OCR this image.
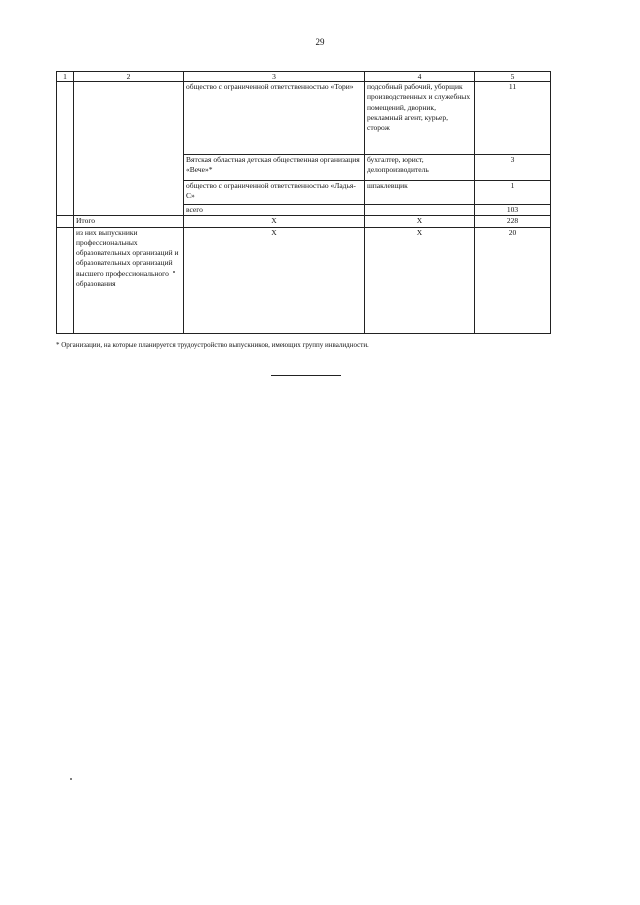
29
1	2	3	4	5
		общество с ограниченной ответственностью «Тори»	подсобный рабочий, уборщик производственных и служебных помещений, дворник, рекламный агент, курьер, сторож	11
		Вятская областная детская общественная организация «Вече»*	бухгалтер, юрист, делопроизводитель	3
		общество с ограниченной ответственностью «Ладья-С»	шпаклевщик	1
		всего		103
	Итого	X	X	228
	из них выпускники профессиональных образовательных организаций и образовательных организаций высшего профессионального образования	X	X	20
* Организации, на которые планируется трудоустройство выпускников, имеющих группу инвалидности.
